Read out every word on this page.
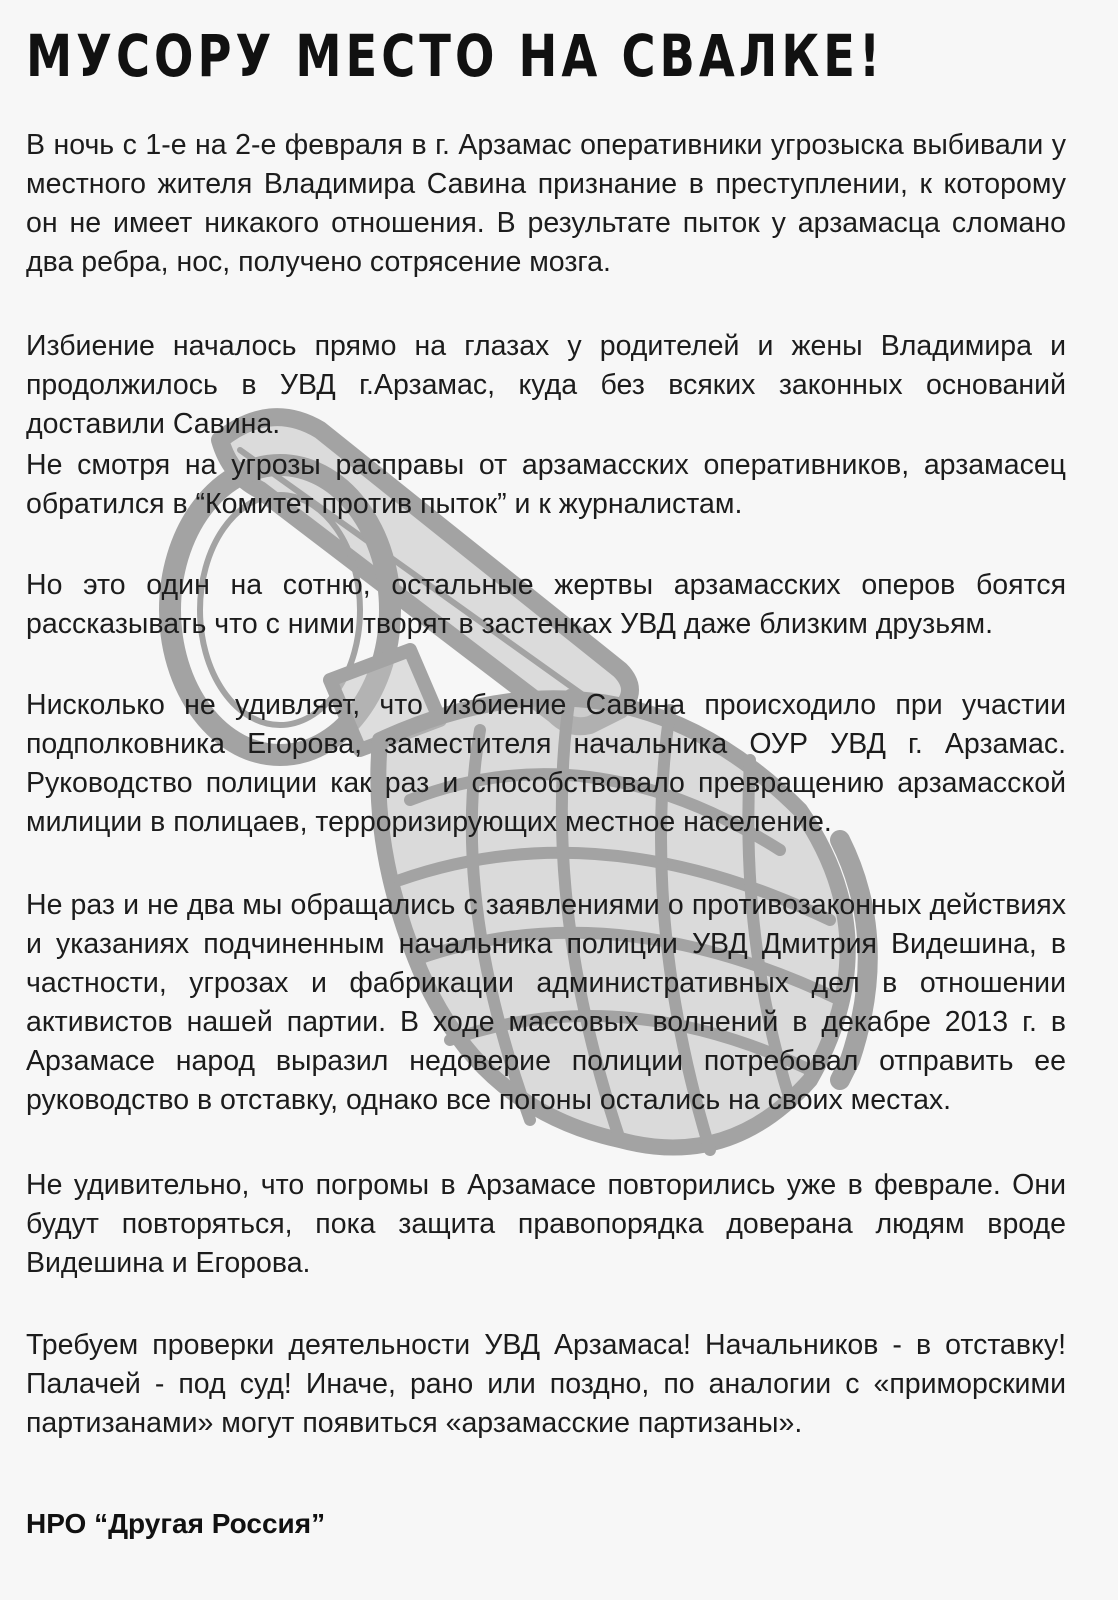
МУСОРУ МЕСТО НА СВАЛКЕ!

В ночь с 1-е на 2-е февраля в г. Арзамас оперативники угрозыска выбивали у местного жителя Владимира Савина признание в преступлении, к которому он не имеет никакого отношения. В результате пыток у арзамасца сломано два ребра, нос, получено сотрясение мозга.

Избиение началось прямо на глазах у родителей и жены Владимира и продолжилось в УВД г.Арзамас, куда без всяких законных оснований доставили Савина.

Не смотря на угрозы расправы от арзамасских оперативников, арзамасец обратился в “Комитет против пыток” и к журналистам.

Но это один на сотню, остальные жертвы арзамасских оперов боятся рассказывать что с ними творят в застенках УВД даже близким друзьям.

Нисколько не удивляет, что избиение Савина происходило при участии подполковника Егорова, заместителя начальника ОУР УВД г. Арзамас. Руководство полиции как раз и способствовало превращению арзамасской милиции в полицаев, терроризирующих местное население.

Не раз и не два мы обращались с заявлениями о противозаконных действиях и указаниях подчиненным начальника полиции УВД Дмитрия Видешина, в частности, угрозах и фабрикации административных дел в отношении активистов нашей партии. В ходе массовых волнений в декабре 2013 г. в Арзамасе народ выразил недоверие полиции потребовал отправить ее руководство в отставку, однако все погоны остались на своих местах.

Не удивительно, что погромы в Арзамасе повторились уже в феврале. Они будут повторяться, пока защита правопорядка доверана людям вроде Видешина и Егорова.

Требуем проверки деятельности УВД Арзамаса! Начальников - в отставку! Палачей - под суд! Иначе, рано или поздно, по аналогии с «приморскими партизанами» могут появиться «арзамасские партизаны».

НРО “Другая Россия”
